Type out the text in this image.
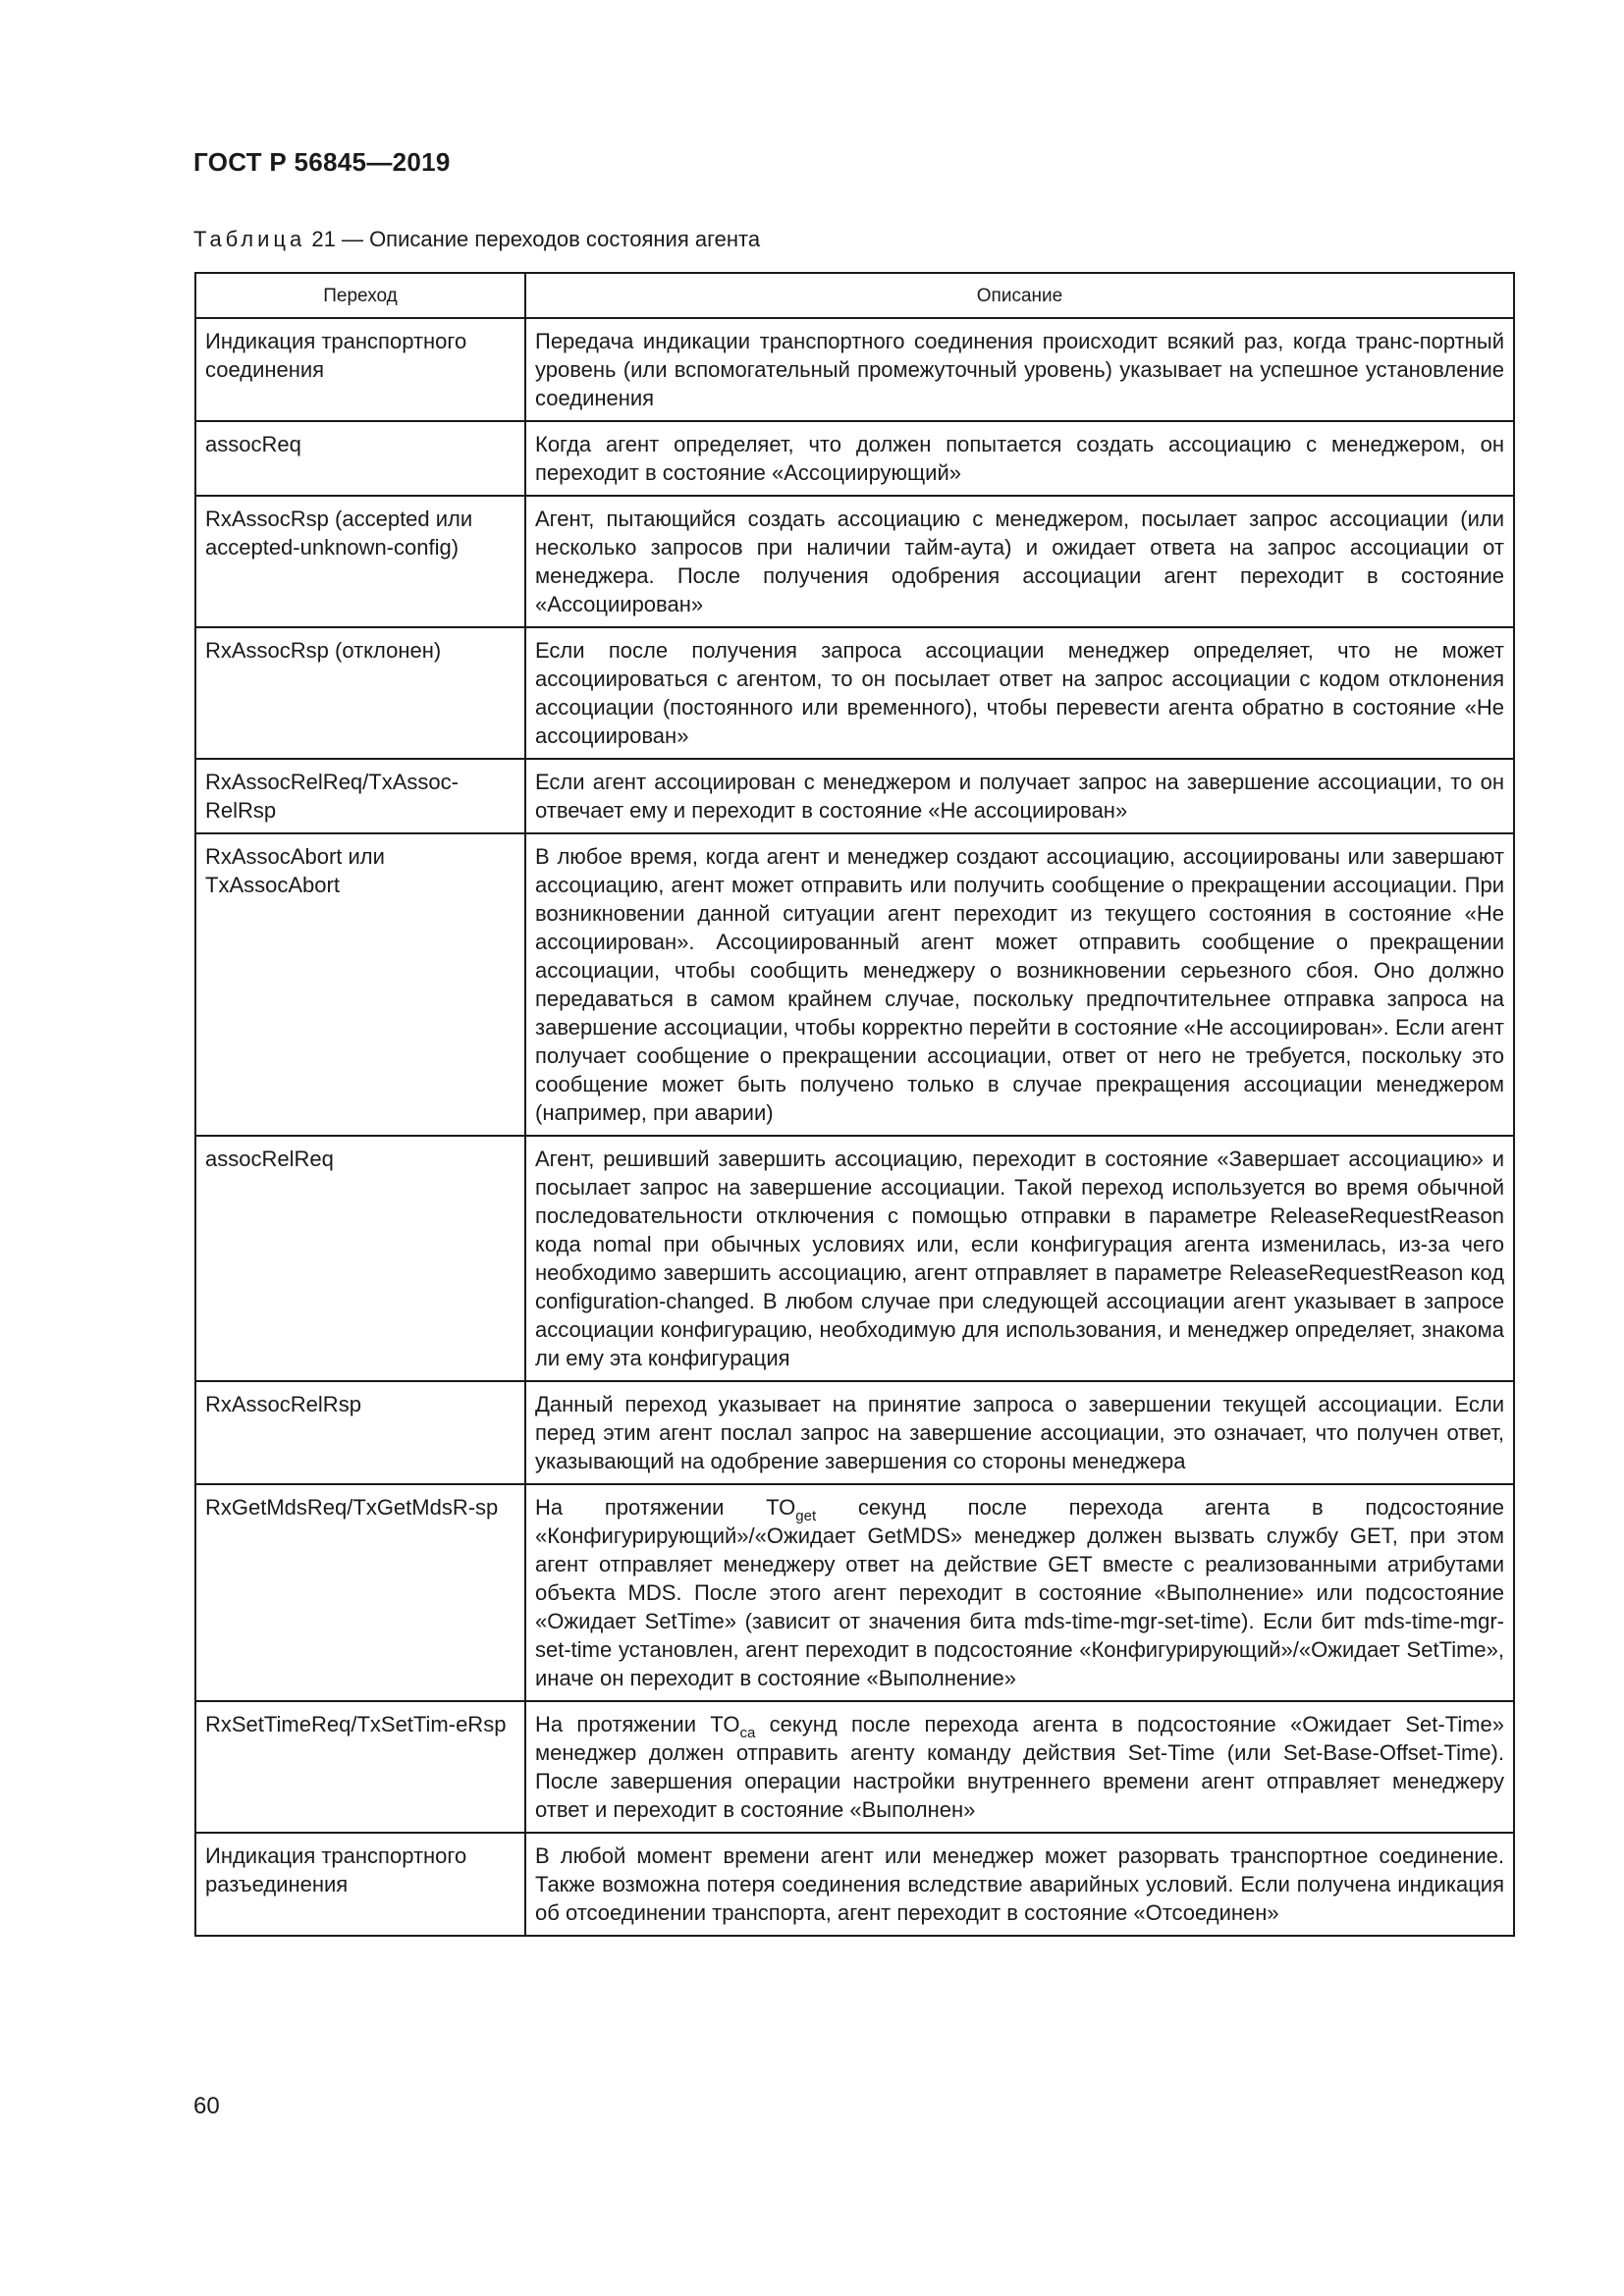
ГОСТ Р 56845—2019
Таблица 21 — Описание переходов состояния агента
Переход	Описание
Индикация транспортного соединения	Передача индикации транспортного соединения происходит всякий раз, когда транс-портный уровень (или вспомогательный промежуточный уровень) указывает на успешное установление соединения
assocReq	Когда агент определяет, что должен попытается создать ассоциацию с менеджером, он переходит в состояние «Ассоциирующий»
RxAssocRsp (accepted или accepted-unknown-config)	Агент, пытающийся создать ассоциацию с менеджером, посылает запрос ассоциации (или несколько запросов при наличии тайм-аута) и ожидает ответа на запрос ассоциации от менеджера. После получения одобрения ассоциации агент переходит в состояние «Ассоциирован»
RxAssocRsp (отклонен)	Если после получения запроса ассоциации менеджер определяет, что не может ассоциироваться с агентом, то он посылает ответ на запрос ассоциации с кодом отклонения ассоциации (постоянного или временного), чтобы перевести агента обратно в состояние «Не ассоциирован»
RxAssocRelReq/TxAssoc-RelRsp	Если агент ассоциирован с менеджером и получает запрос на завершение ассоциации, то он отвечает ему и переходит в состояние «Не ассоциирован»
RxAssocAbort или TxAssocAbort	В любое время, когда агент и менеджер создают ассоциацию, ассоциированы или завершают ассоциацию, агент может отправить или получить сообщение о прекращении ассоциации. При возникновении данной ситуации агент переходит из текущего состояния в состояние «Не ассоциирован». Ассоциированный агент может отправить сообщение о прекращении ассоциации, чтобы сообщить менеджеру о возникновении серьезного сбоя. Оно должно передаваться в самом крайнем случае, поскольку предпочтительнее отправка запроса на завершение ассоциации, чтобы корректно перейти в состояние «Не ассоциирован». Если агент получает сообщение о прекращении ассоциации, ответ от него не требуется, поскольку это сообщение может быть получено только в случае прекращения ассоциации менеджером (например, при аварии)
assocRelReq	Агент, решивший завершить ассоциацию, переходит в состояние «Завершает ассоциацию» и посылает запрос на завершение ассоциации. Такой переход используется во время обычной последовательности отключения с помощью отправки в параметре ReleaseRequestReason кода nomal при обычных условиях или, если конфигурация агента изменилась, из-за чего необходимо завершить ассоциацию, агент отправляет в параметре ReleaseRequestReason код configuration-changed. В любом случае при следующей ассоциации агент указывает в запросе ассоциации конфигурацию, необходимую для использования, и менеджер определяет, знакома ли ему эта конфигурация
RxAssocRelRsp	Данный переход указывает на принятие запроса о завершении текущей ассоциации. Если перед этим агент послал запрос на завершение ассоциации, это означает, что получен ответ, указывающий на одобрение завершения со стороны менеджера
RxGetMdsReq/TxGetMdsR-sp	На протяжении $TO_{get}$ секунд после перехода агента в подсостояние «Конфигурирующий»/«Ожидает GetMDS» менеджер должен вызвать службу GET, при этом агент отправляет менеджеру ответ на действие GET вместе с реализованными атрибутами объекта MDS. После этого агент переходит в состояние «Выполнение» или подсостояние «Ожидает SetTime» (зависит от значения бита mds-time-mgr-set-time). Если бит mds-time-mgr-set-time установлен, агент переходит в подсостояние «Конфигурирующий»/«Ожидает SetTime», иначе он переходит в состояние «Выполнение»
RxSetTimeReq/TxSetTim-eRsp	На протяжении $TO_{ca}$ секунд после перехода агента в подсостояние «Ожидает Set-Time» менеджер должен отправить агенту команду действия Set-Time (или Set-Base-Offset-Time). После завершения операции настройки внутреннего времени агент отправляет менеджеру ответ и переходит в состояние «Выполнен»
Индикация транспортного разъединения	В любой момент времени агент или менеджер может разорвать транспортное соединение. Также возможна потеря соединения вследствие аварийных условий. Если получена индикация об отсоединении транспорта, агент переходит в состояние «Отсоединен»
60
